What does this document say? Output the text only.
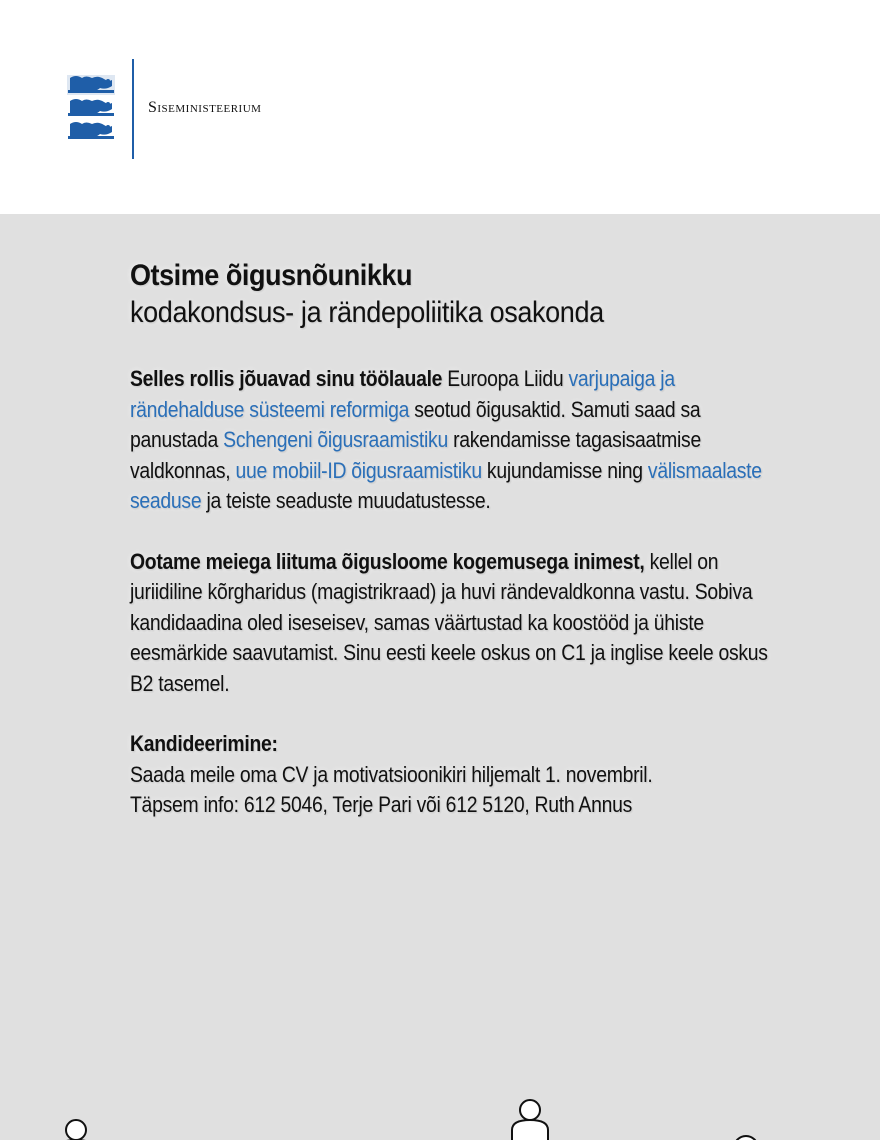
Siseministeerium
Otsime õigusnõunikku
kodakondsus- ja rändepoliitika osakonda
Selles rollis jõuavad sinu töölauale Euroopa Liidu varjupaiga ja rändehalduse süsteemi reformiga seotud õigusaktid. Samuti saad sa panustada Schengeni õigusraamistiku rakendamisse tagasisaatmise valdkonnas, uue mobiil-ID õigusraamistiku kujundamisse ning välismaalaste seaduse ja teiste seaduste muudatustesse.
Ootame meiega liituma õigusloome kogemusega inimest, kellel on juriidiline kõrgharidus (magistrikraad) ja huvi rändevaldkonna vastu. Sobiva kandidaadina oled iseseisev, samas väärtustad ka koostööd ja ühiste eesmärkide saavutamist. Sinu eesti keele oskus on C1 ja inglise keele oskus B2 tasemel.
Kandideerimine:
Saada meile oma CV ja motivatsioonikiri hiljemalt 1. novembril.
Täpsem info: 612 5046, Terje Pari või 612 5120, Ruth Annus
